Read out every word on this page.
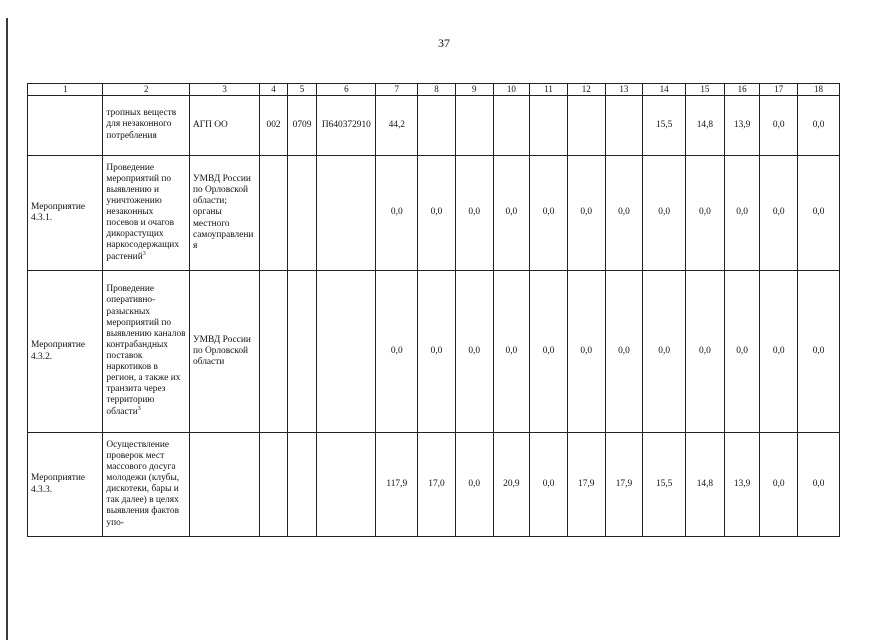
37
1	2	3	4	5	6	7	8	9	10	11	12	13	14	15	16	17	18
	тропных веществ для незаконного потребления	АГП ОО	002	0709	П640372910	44,2							15,5	14,8	13,9	0,0	0,0
Мероприятие 4.3.1.	Проведение мероприятий по выявлению и уничтожению незаконных посевов и очагов дикорастущих наркосодержащих растений$^3$	УМВД России по Орловской области; органы местного самоуправления				0,0	0,0	0,0	0,0	0,0	0,0	0,0	0,0	0,0	0,0	0,0	0,0
Мероприятие 4.3.2.	Проведение оперативно-разыскных мероприятий по выявлению каналов контрабандных поставок наркотиков в регион, а также их транзита через территорию области$^3$	УМВД России по Орловской области				0,0	0,0	0,0	0,0	0,0	0,0	0,0	0,0	0,0	0,0	0,0	0,0
Мероприятие 4.3.3.	Осуществление проверок мест массового досуга молодежи (клубы, дискотеки, бары и так далее) в целях выявления фактов упо-					117,9	17,0	0,0	20,9	0,0	17,9	17,9	15,5	14,8	13,9	0,0	0,0
